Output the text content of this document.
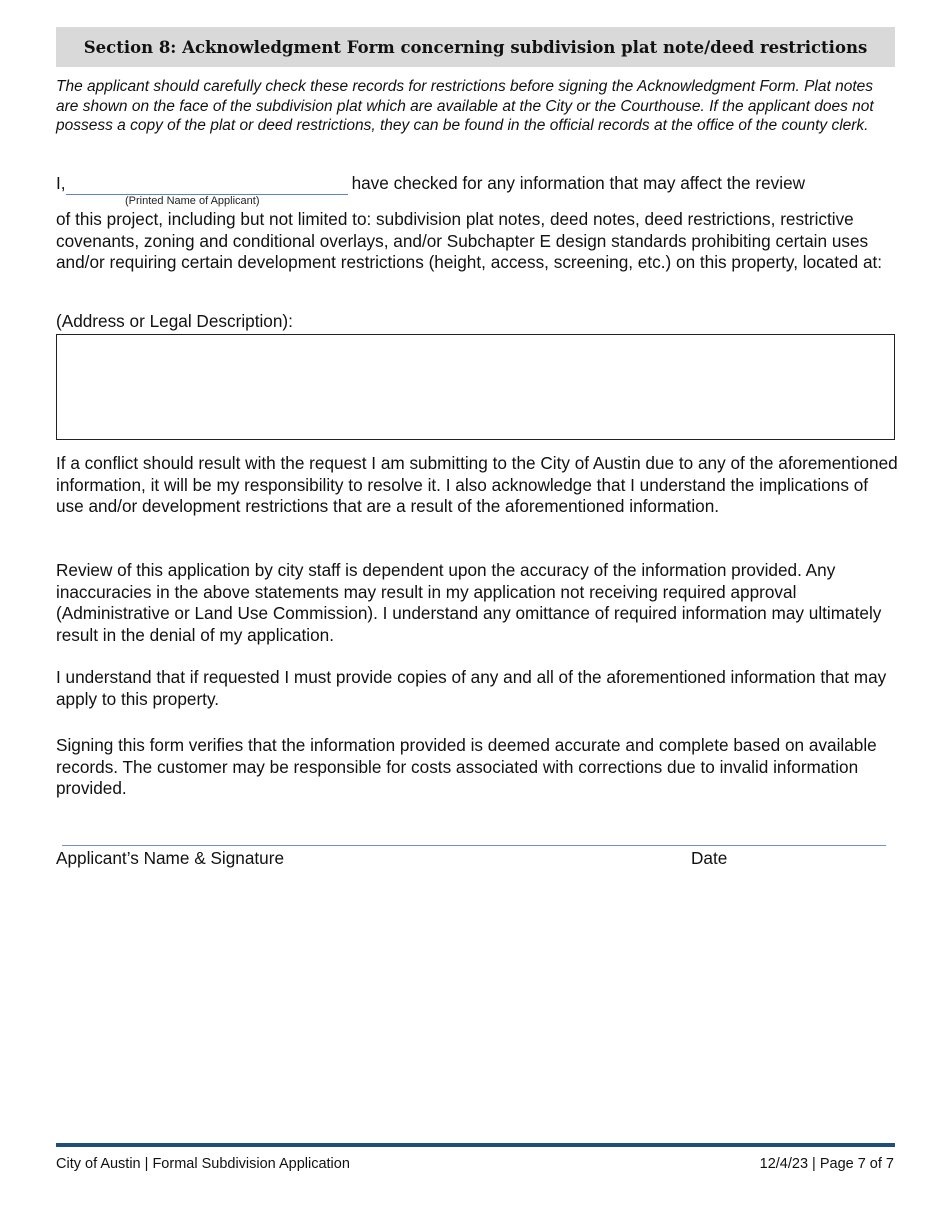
Section 8: Acknowledgment Form concerning subdivision plat note/deed restrictions
The applicant should carefully check these records for restrictions before signing the Acknowledgment Form. Plat notes are shown on the face of the subdivision plat which are available at the City or the Courthouse. If the applicant does not possess a copy of the plat or deed restrictions, they can be found in the official records at the office of the county clerk.
I,	have checked for any information that may affect the review
(Printed Name of Applicant)
of this project, including but not limited to: subdivision plat notes, deed notes, deed restrictions, restrictive covenants, zoning and conditional overlays, and/or Subchapter E design standards prohibiting certain uses and/or requiring certain development restrictions (height, access, screening, etc.) on this property, located at:
(Address or Legal Description):
If a conflict should result with the request I am submitting to the City of Austin due to any of the aforementioned information, it will be my responsibility to resolve it. I also acknowledge that I understand the implications of use and/or development restrictions that are a result of the aforementioned information.
Review of this application by city staff is dependent upon the accuracy of the information provided. Any inaccuracies in the above statements may result in my application not receiving required approval (Administrative or Land Use Commission). I understand any omittance of required information may ultimately result in the denial of my application.
I understand that if requested I must provide copies of any and all of the aforementioned information that may apply to this property.
Signing this form verifies that the information provided is deemed accurate and complete based on available records. The customer may be responsible for costs associated with corrections due to invalid information provided.
Applicant’s Name & Signature	Date
City of Austin | Formal Subdivision Application	12/4/23 | Page 7 of 7
